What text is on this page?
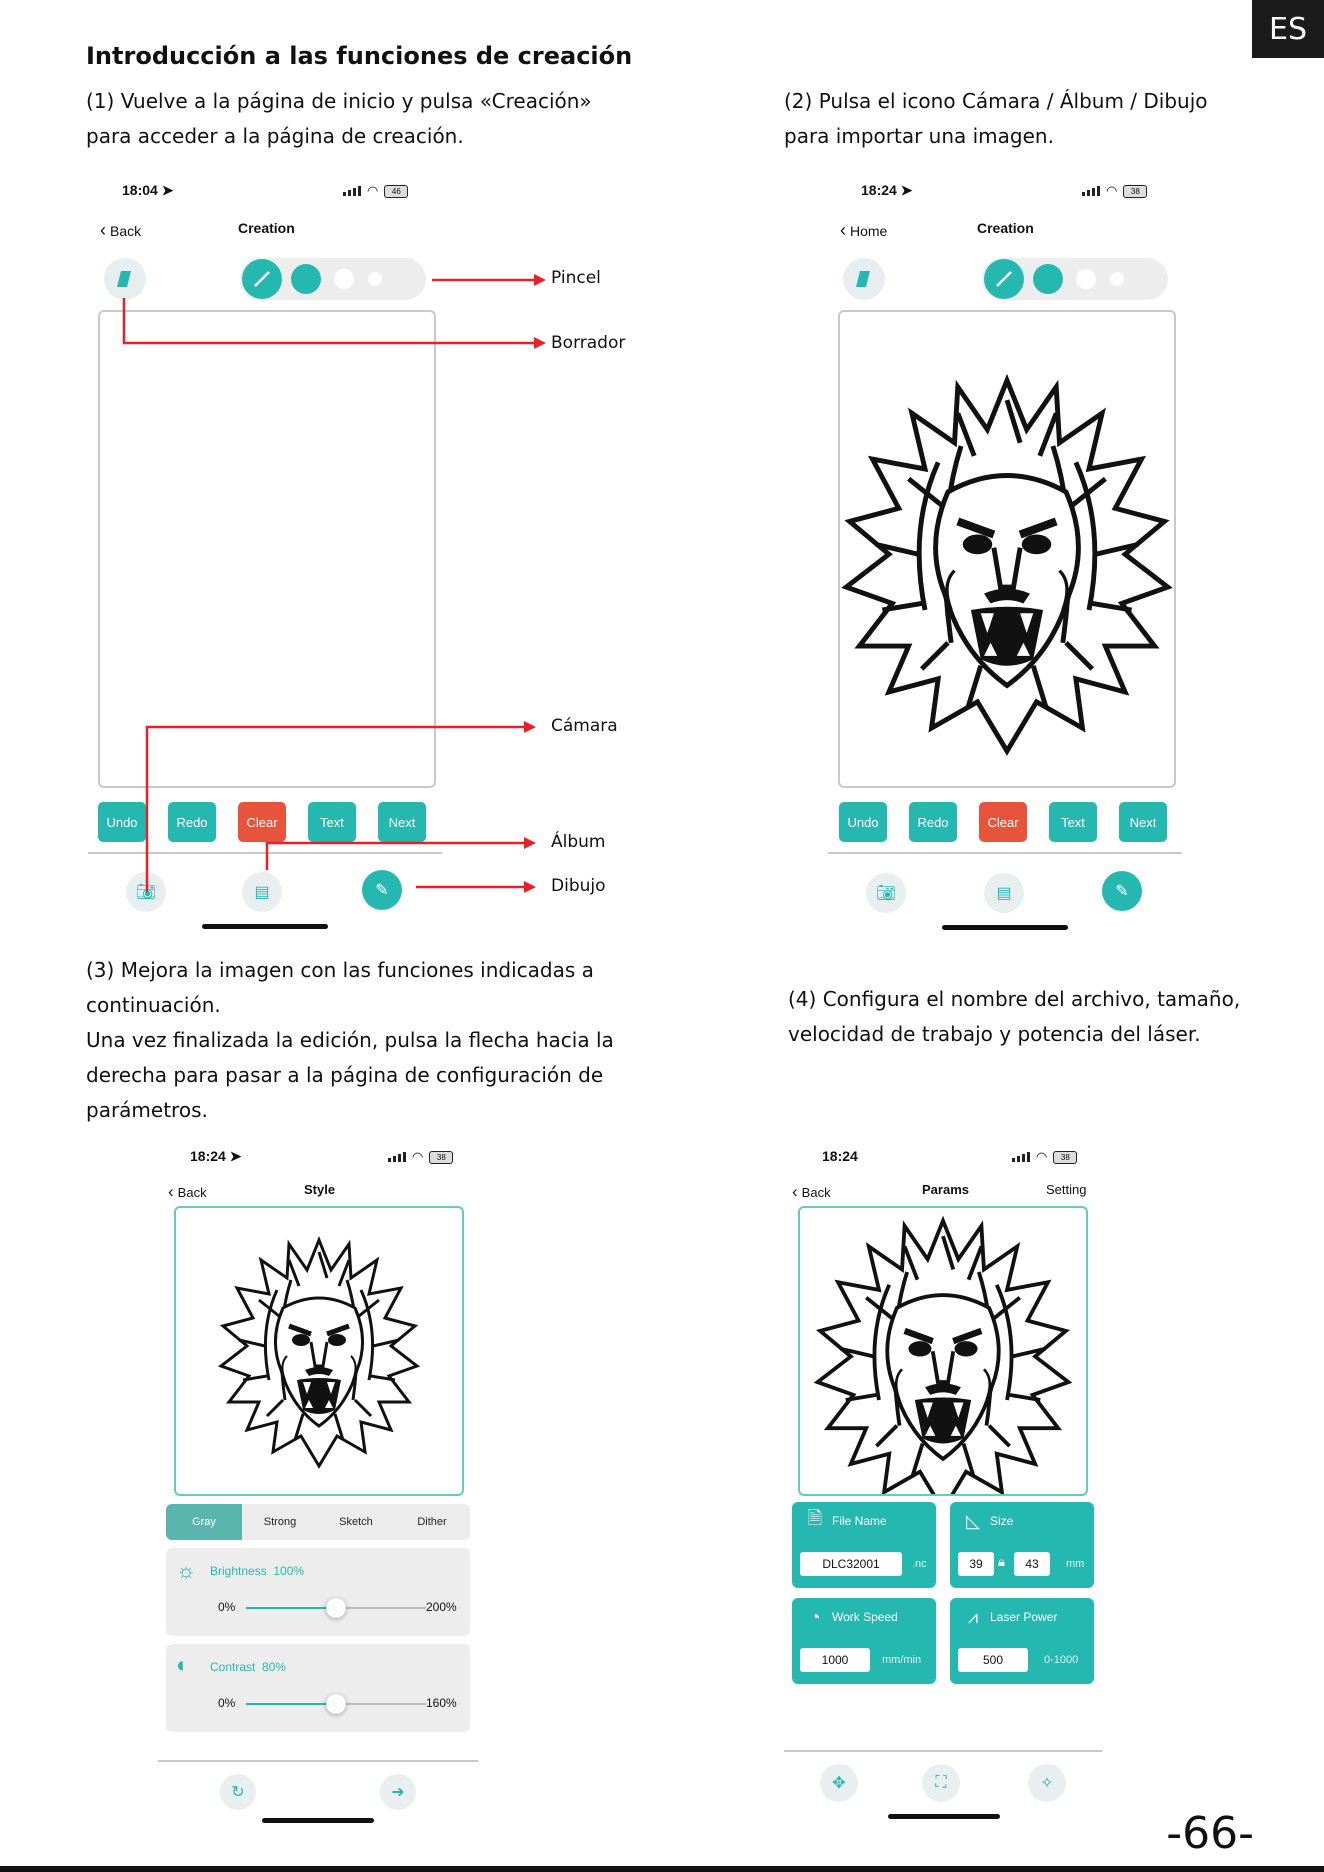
ES
Introducción a las funciones de creación
(1) Vuelve a la página de inicio y pulsa «Creación»
para acceder a la página de creación.
(2) Pulsa el icono Cámara / Álbum / Dibujo
para importar una imagen.
(3) Mejora la imagen con las funciones indicadas a
continuación.
Una vez finalizada la edición, pulsa la flecha hacia la
derecha para pasar a la página de configuración de
parámetros.
(4) Configura el nombre del archivo, tamaño,
velocidad de trabajo y potencia del láser.
18:04 ➤	◠	46
‹ Back	Creation
Undo	Redo	Clear	Text	Next
📷︎	▤	✎
Pincel
Borrador
Cámara
Álbum
Dibujo
18:24 ➤	◠	38
‹ Home	Creation
Undo	Redo	Clear	Text	Next
📷︎	▤	✎
18:24 ➤	◠	38
‹ Back	Style
Gray	Strong	Sketch	Dither
☼ Brightness 100%
0%	200%
◐ Contrast 80%
0%	160%
↻	➜
18:24	◠	38
‹ Back	Params	Setting
🗎︎ File Name
DLC32001	.nc
◺ Size
39	🔒︎	43	mm
◔ Work Speed
1000	mm/min
⩘ Laser Power
500	0-1000
✥	⛶	✧
-66-
